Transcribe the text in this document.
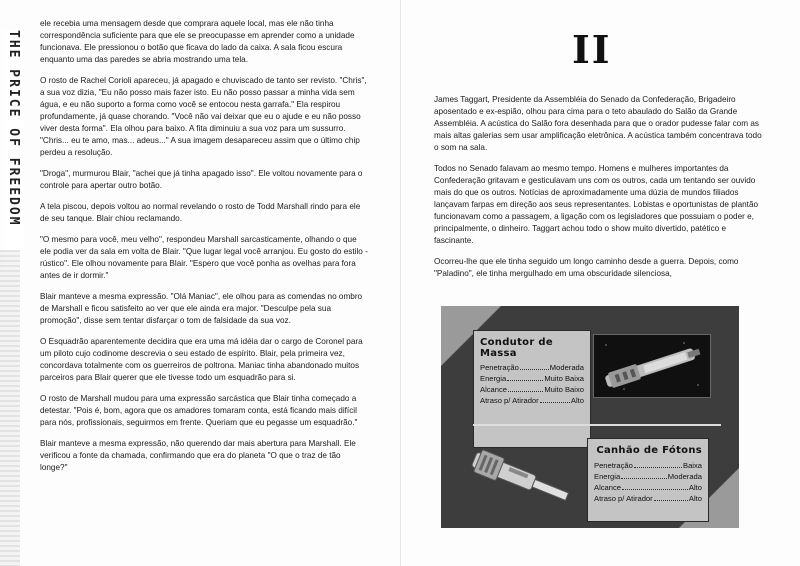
THE PRICE OF FREEDOM

ele recebia uma mensagem desde que comprara aquele local, mas ele não tinha correspondência suficiente para que ele se preocupasse em aprender como a unidade funcionava. Ele pressionou o botão que ficava do lado da caixa. A sala ficou escura enquanto uma das paredes se abria mostrando uma tela.

O rosto de Rachel Corioli apareceu, já apagado e chuviscado de tanto ser revisto. "Chris", a sua voz dizia, "Eu não posso mais fazer isto. Eu não posso passar a minha vida sem água, e eu não suporto a forma como você se entocou nesta garrafa." Ela respirou profundamente, já quase chorando. "Você não vai deixar que eu o ajude e eu não posso viver desta forma". Ela olhou para baixo. A fita diminuiu a sua voz para um sussurro. "Chris... eu te amo, mas... adeus..." A sua imagem desapareceu assim que o último chip perdeu a resolução.

"Droga", murmurou Blair, "achei que já tinha apagado isso". Ele voltou novamente para o controle para apertar outro botão.

A tela piscou, depois voltou ao normal revelando o rosto de Todd Marshall rindo para ele de seu tanque. Blair chiou reclamando.

"O mesmo para você, meu velho", respondeu Marshall sarcasticamente, olhando o que ele podia ver da sala em volta de Blair. "Que lugar legal você arranjou. Eu gosto do estilo - rústico". Ele olhou novamente para Blair. "Espero que você ponha as ovelhas para fora antes de ir dormir."

Blair manteve a mesma expressão. "Olá Maniac", ele olhou para as comendas no ombro de Marshall e ficou satisfeito ao ver que ele ainda era major. "Desculpe pela sua promoção", disse sem tentar disfarçar o tom de falsidade da sua voz.

O Esquadrão aparentemente decidira que era uma má idéia dar o cargo de Coronel para um piloto cujo codinome descrevia o seu estado de espírito. Blair, pela primeira vez, concordava totalmente com os guerreiros de poltrona. Maniac tinha abandonado muitos parceiros para Blair querer que ele tivesse todo um esquadrão para si.

O rosto de Marshall mudou para uma expressão sarcástica que Blair tinha começado a detestar. "Pois é, bom, agora que os amadores tomaram conta, está ficando mais difícil para nós, profissionais, seguirmos em frente. Queriam que eu pegasse um esquadrão."

Blair manteve a mesma expressão, não querendo dar mais abertura para Marshall. Ele verificou a fonte da chamada, confirmando que era do planeta "O que o traz de tão longe?"

II

James Taggart, Presidente da Assembléia do Senado da Confederação, Brigadeiro aposentado e ex-espião, olhou para cima para o teto abaulado do Salão da Grande Assembléia. A acústica do Salão fora desenhada para que o orador pudesse falar com as mais altas galerias sem usar amplificação eletrônica. A acústica também concentrava todo o som na sala.

Todos no Senado falavam ao mesmo tempo. Homens e mulheres importantes da Confederação gritavam e gesticulavam uns com os outros, cada um tentando ser ouvido mais do que os outros. Notícias de aproximadamente uma dúzia de mundos filiados lançavam farpas em direção aos seus representantes. Lobistas e oportunistas de plantão funcionavam como a passagem, a ligação com os legisladores que possuiam o poder e, principalmente, o dinheiro. Taggart achou todo o show muito divertido, patético e fascinante.

Ocorreu-lhe que ele tinha seguido um longo caminho desde a guerra. Depois, como "Paladino", ele tinha mergulhado em uma obscuridade silenciosa,

Condutor de
Massa
Penetração	Moderada
Energia	Muito Baixa
Alcance	Muito Baixo
Atraso p/ Atirador	Alto
Canhão de Fótons
Penetração	Baixa
Energia	Moderada
Alcance	Alto
Atraso p/ Atirador	Alto
